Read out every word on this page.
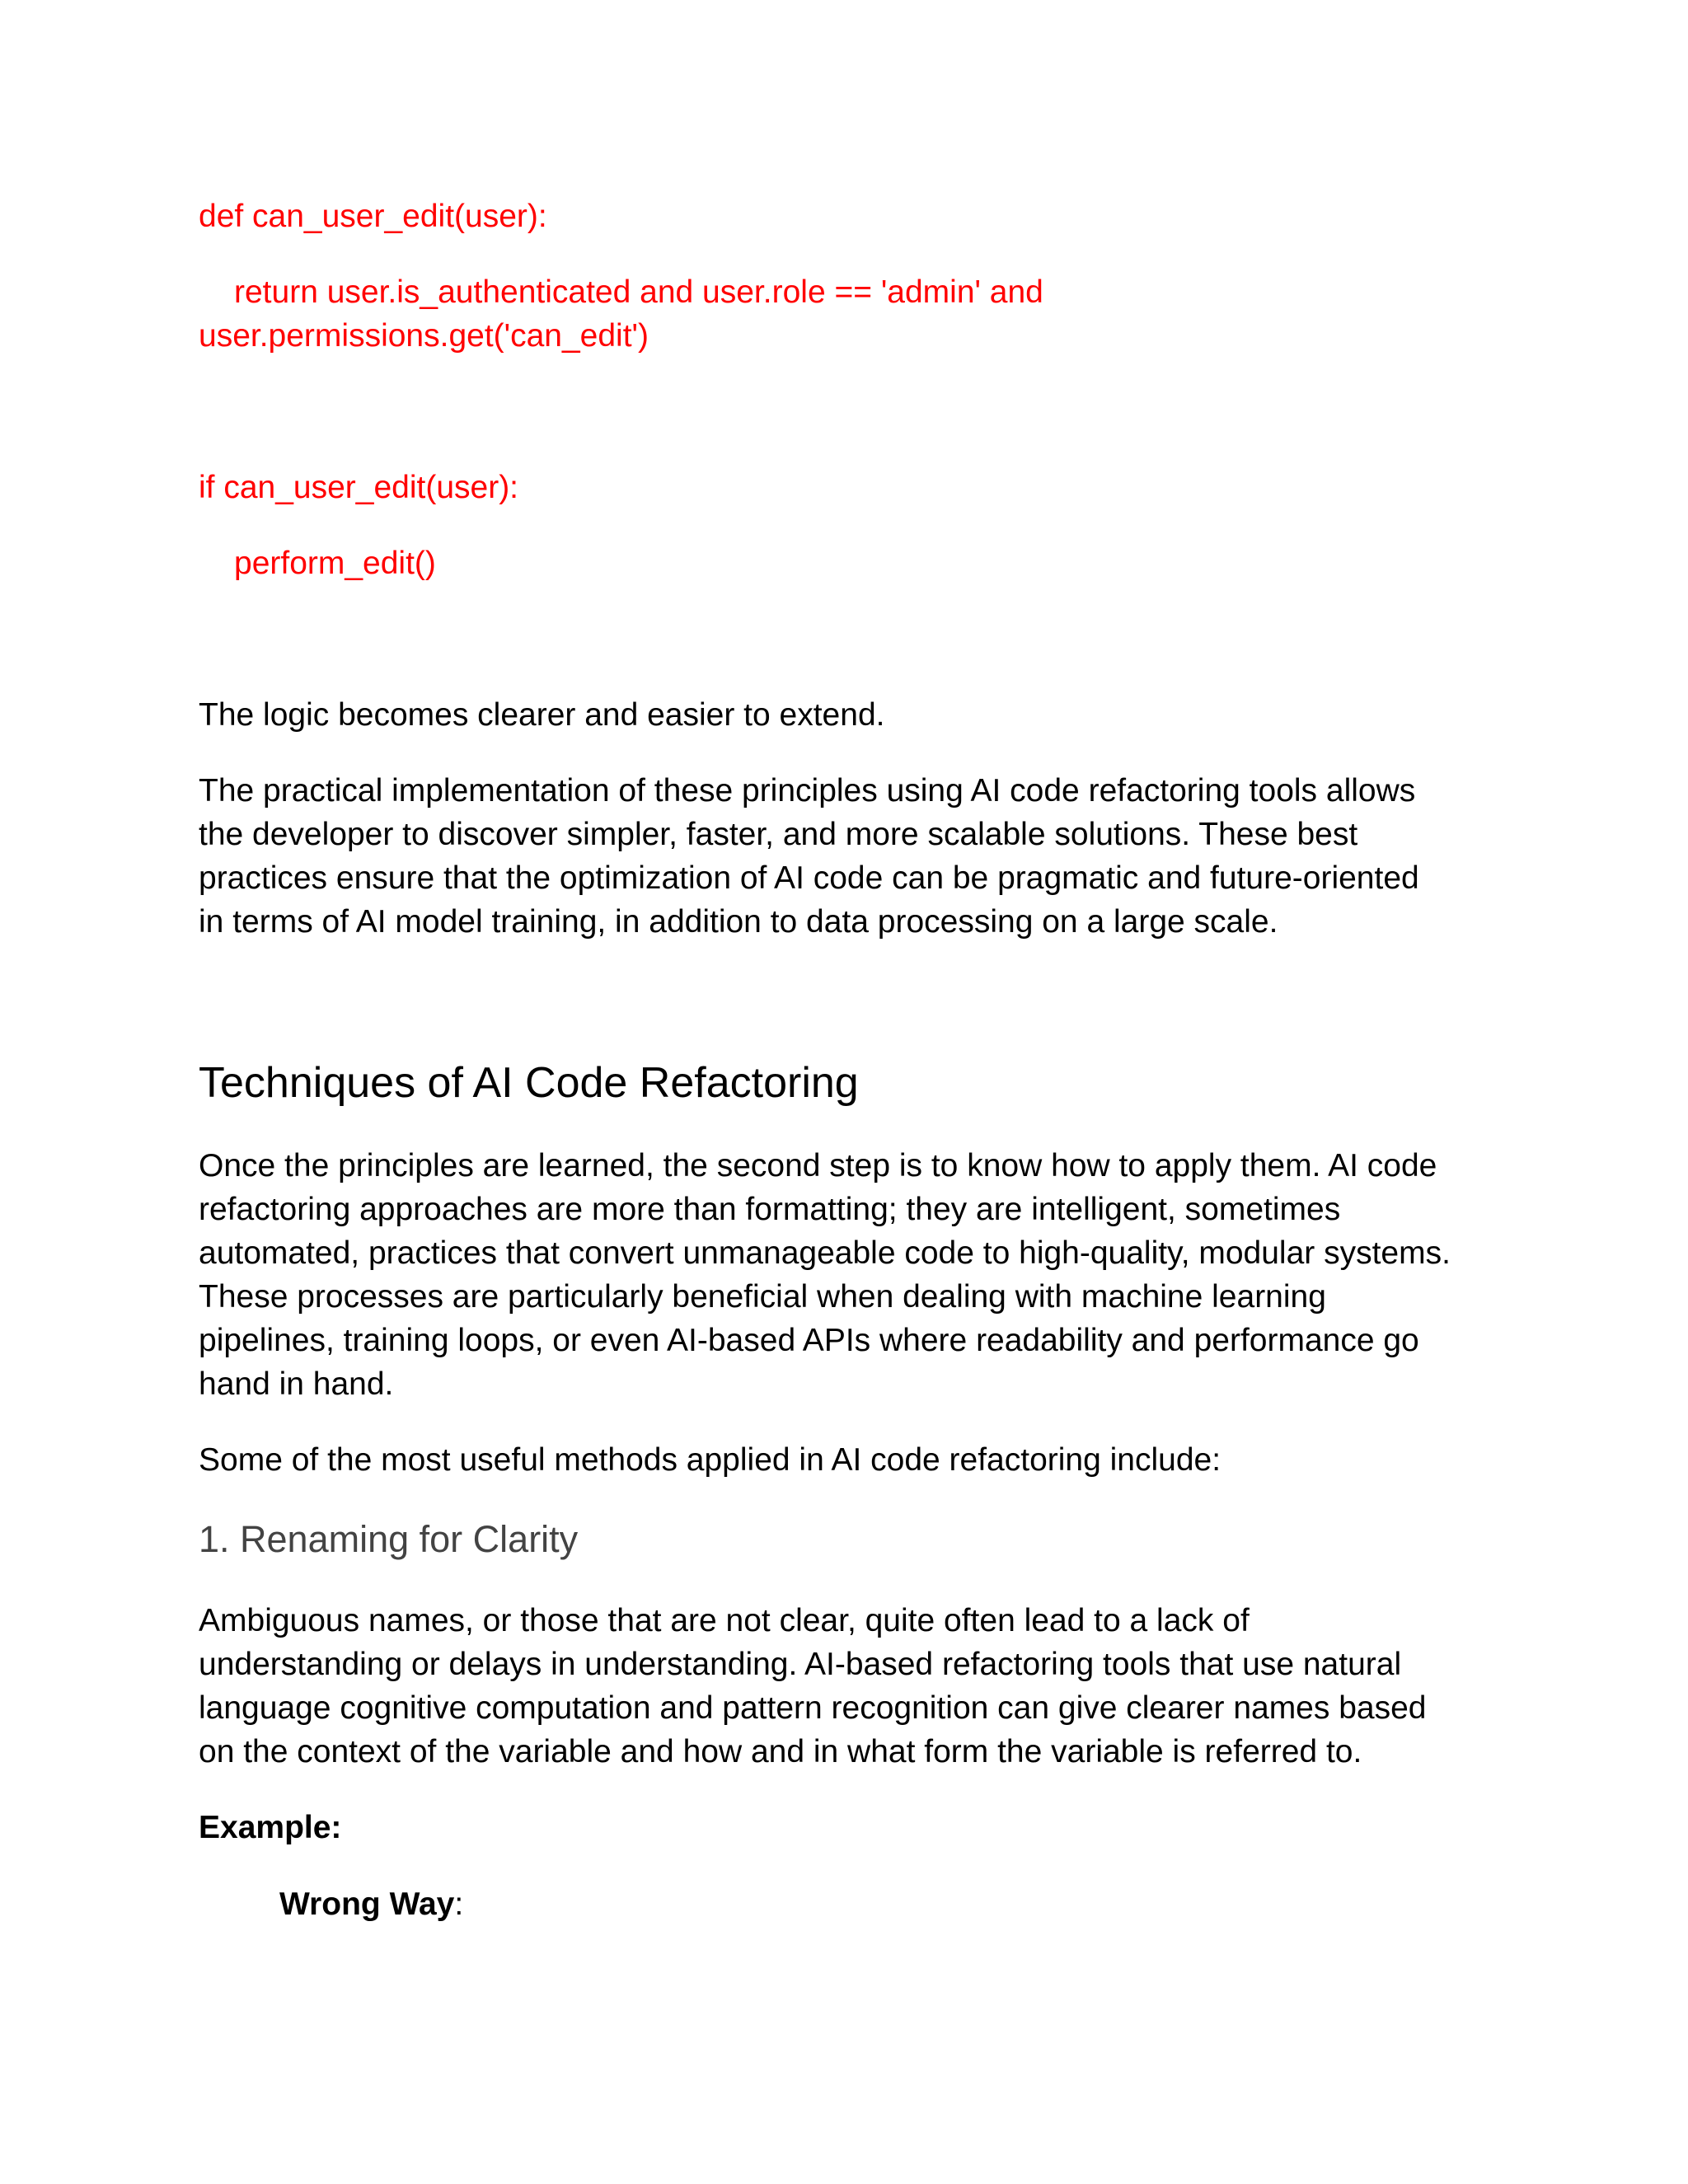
def can_user_edit(user):

return user.is_authenticated and user.role == 'admin' and

user.permissions.get('can_edit')

if can_user_edit(user):

perform_edit()

The logic becomes clearer and easier to extend.

The practical implementation of these principles using AI code refactoring tools allows

the developer to discover simpler, faster, and more scalable solutions. These best

practices ensure that the optimization of AI code can be pragmatic and future-oriented

in terms of AI model training, in addition to data processing on a large scale.

Techniques of AI Code Refactoring

Once the principles are learned, the second step is to know how to apply them. AI code

refactoring approaches are more than formatting; they are intelligent, sometimes

automated, practices that convert unmanageable code to high-quality, modular systems.

These processes are particularly beneficial when dealing with machine learning

pipelines, training loops, or even AI-based APIs where readability and performance go

hand in hand.

Some of the most useful methods applied in AI code refactoring include:

1. Renaming for Clarity

Ambiguous names, or those that are not clear, quite often lead to a lack of

understanding or delays in understanding. AI-based refactoring tools that use natural

language cognitive computation and pattern recognition can give clearer names based

on the context of the variable and how and in what form the variable is referred to.

Example:

Wrong Way:
